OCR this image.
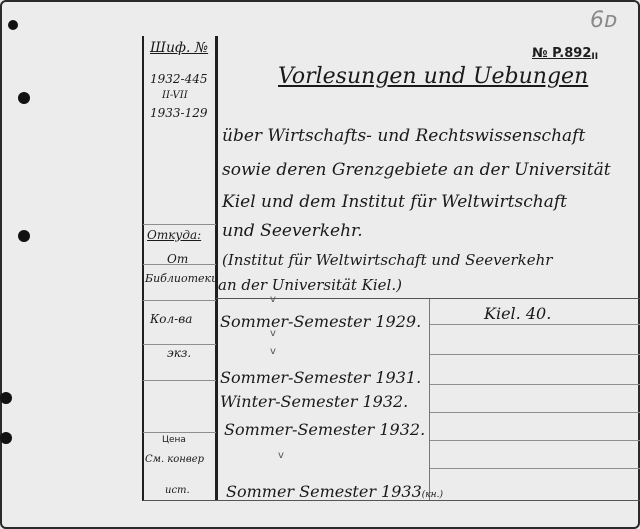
6ᴅ
Шиф. №
1932-445
II-VII
1933-129
Откуда:
От
Библиотеки
Кол-ва
экз.
Цена
См. конвер
ист.
№ P.892II
Vorlesungen und Uebungen
über Wirtschafts- und Rechtswissenschaft
sowie deren Grenzgebiete an der Universität
Kiel und dem Institut für Weltwirtschaft
und Seeverkehr.
(Institut für Weltwirtschaft und Seeverkehr
an der Universität Kiel.)
Kiel. 40.
v
v
v
v
Sommer-Semester 1929.
Sommer-Semester 1931.
Winter-Semester 1932.
Sommer-Semester 1932.
Sommer Semester 1933(кн.)
